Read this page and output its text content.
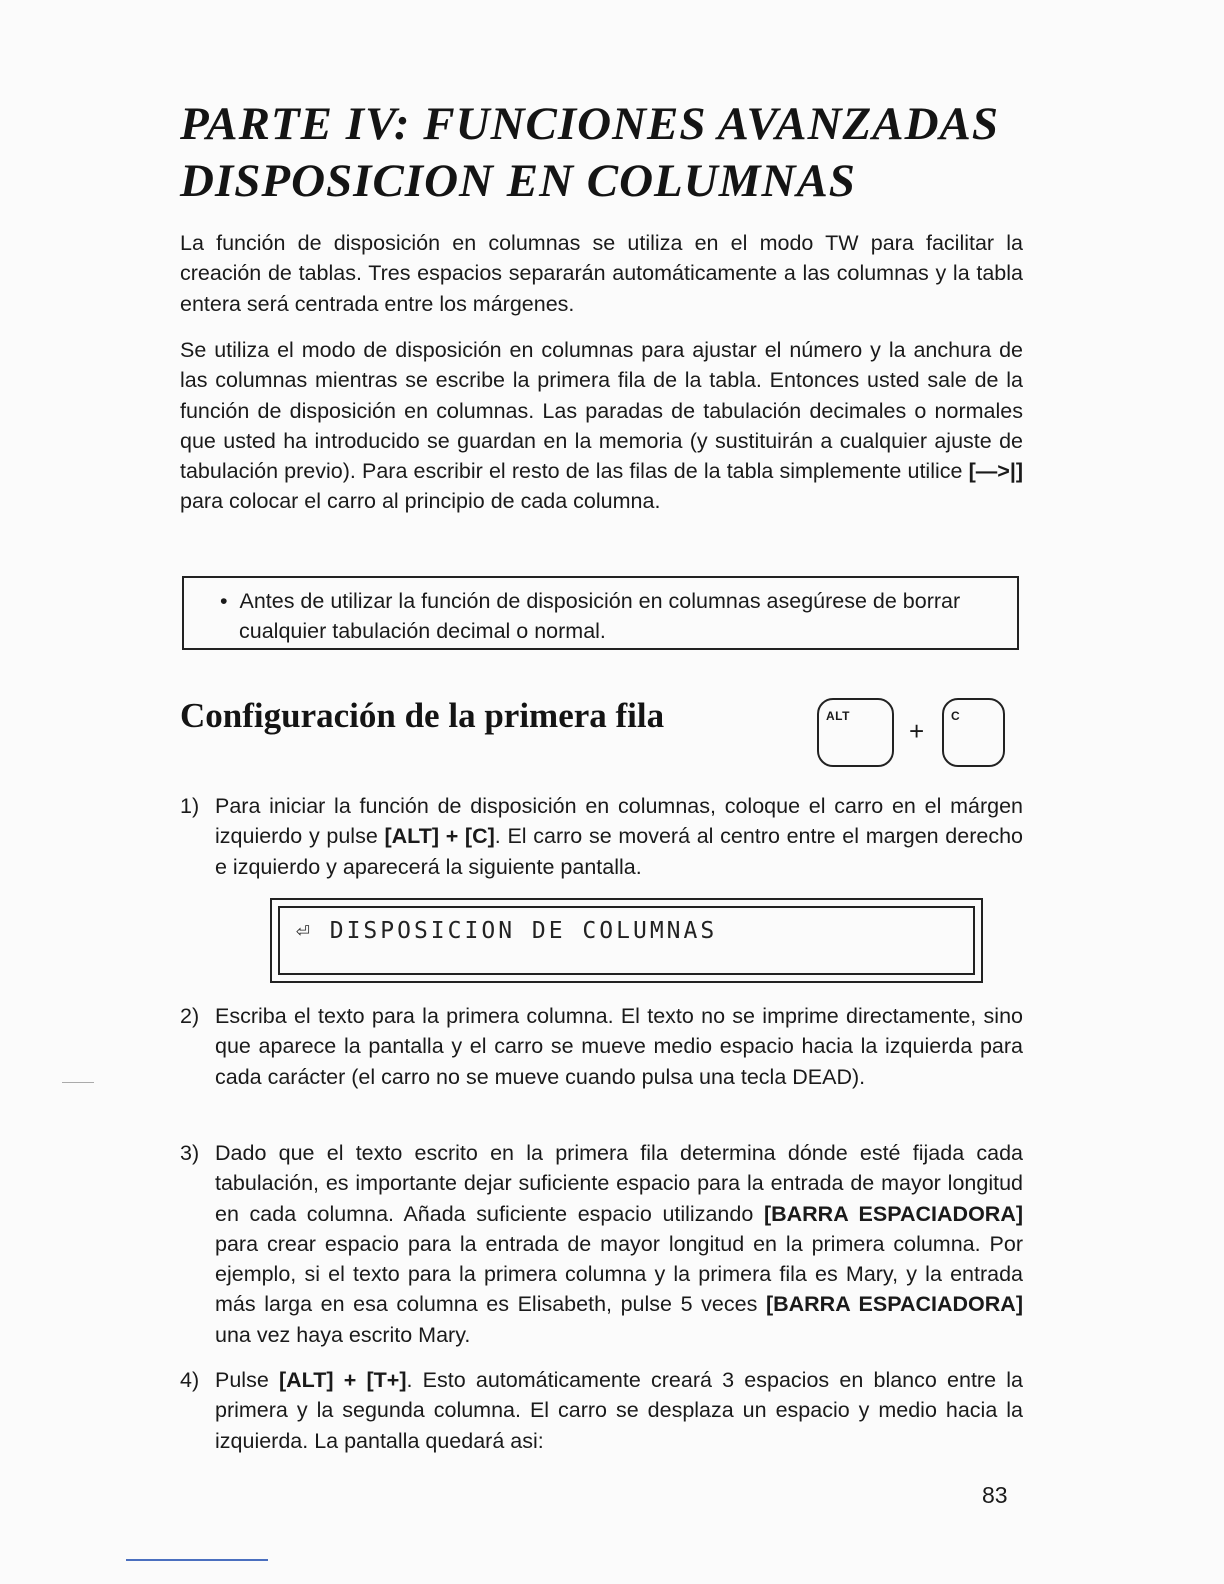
PARTE IV: FUNCIONES AVANZADAS
DISPOSICION EN COLUMNAS

La función de disposición en columnas se utiliza en el modo TW para facilitar la creación de tablas. Tres espacios separarán automáticamente a las columnas y la tabla entera será centrada entre los márgenes.

Se utiliza el modo de disposición en columnas para ajustar el número y la anchura de las columnas mientras se escribe la primera fila de la tabla. Entonces usted sale de la función de disposición en columnas. Las paradas de tabulación decimales o normales que usted ha introducido se guardan en la memoria (y sustituirán a cualquier ajuste de tabulación previo). Para escribir el resto de las filas de la tabla simplemente utilice [—>|] para colocar el carro al principio de cada columna.

• Antes de utilizar la función de disposición en columnas asegúrese de borrar cualquier tabulación decimal o normal.

Configuración de la primera fila	ALT + C

1) Para iniciar la función de disposición en columnas, coloque el carro en el márgen izquierdo y pulse [ALT] + [C]. El carro se moverá al centro entre el margen derecho e izquierdo y aparecerá la siguiente pantalla.

⏎ DISPOSICION DE COLUMNAS

2) Escriba el texto para la primera columna. El texto no se imprime directamente, sino que aparece la pantalla y el carro se mueve medio espacio hacia la izquierda para cada carácter (el carro no se mueve cuando pulsa una tecla DEAD).

3) Dado que el texto escrito en la primera fila determina dónde esté fijada cada tabulación, es importante dejar suficiente espacio para la entrada de mayor longitud en cada columna. Añada suficiente espacio utilizando [BARRA ESPACIADORA] para crear espacio para la entrada de mayor longitud en la primera columna. Por ejemplo, si el texto para la primera columna y la primera fila es Mary, y la entrada más larga en esa columna es Elisabeth, pulse 5 veces [BARRA ESPACIADORA] una vez haya escrito Mary.

4) Pulse [ALT] + [T+]. Esto automáticamente creará 3 espacios en blanco entre la primera y la segunda columna. El carro se desplaza un espacio y medio hacia la izquierda. La pantalla quedará asi:

83
